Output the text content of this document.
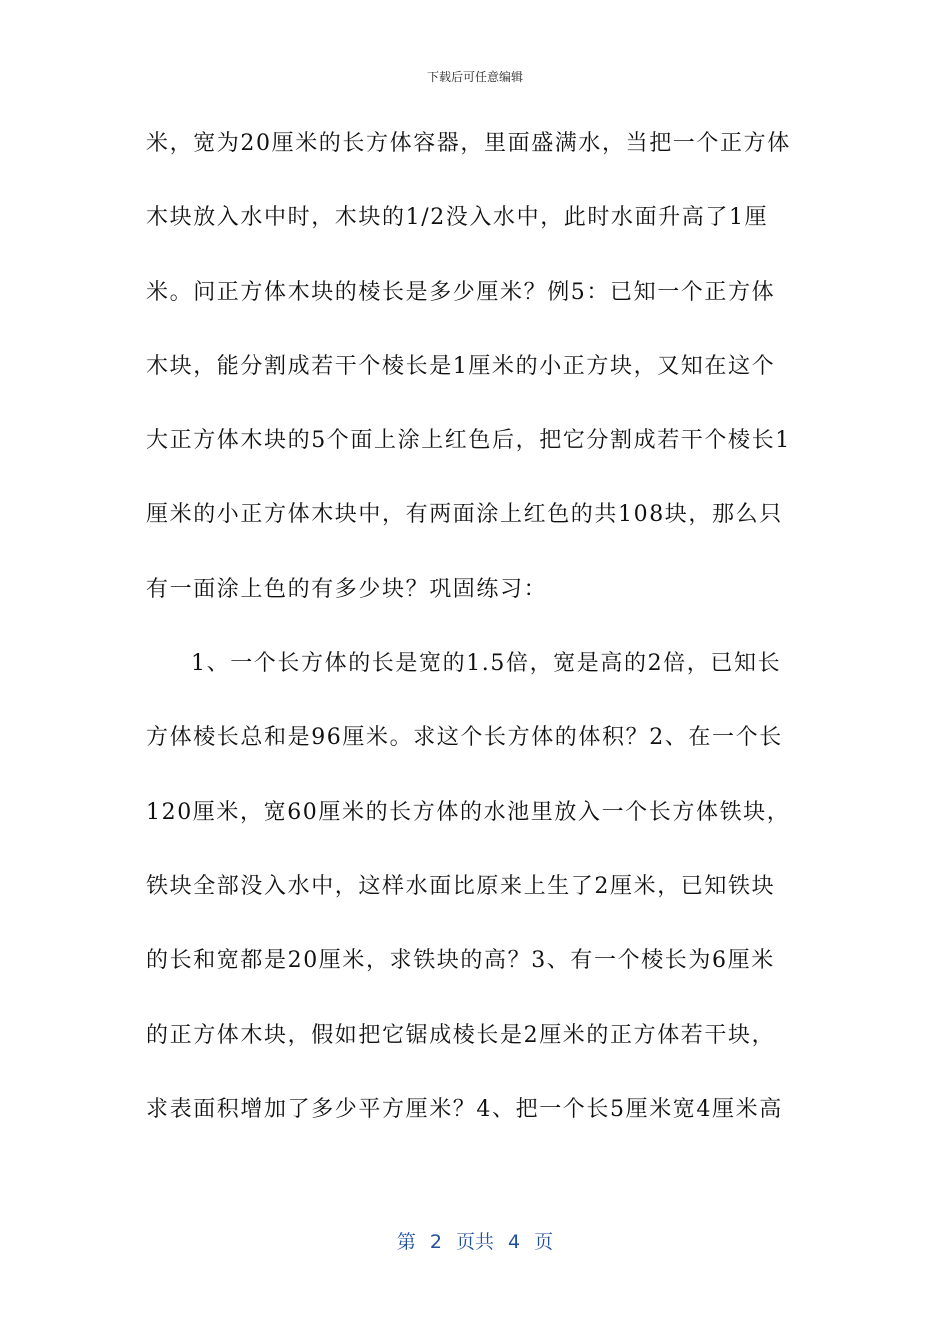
下载后可任意编辑
米，宽为20厘米的长方体容器，里面盛满水，当把一个正方体
木块放入水中时，木块的1/2没入水中，此时水面升高了1厘
米。问正方体木块的棱长是多少厘米？例5：已知一个正方体
木块，能分割成若干个棱长是1厘米的小正方块，又知在这个
大正方体木块的5个面上涂上红色后，把它分割成若干个棱长1
厘米的小正方体木块中，有两面涂上红色的共108块，那么只
有一面涂上色的有多少块？巩固练习：
1、一个长方体的长是宽的1.5倍，宽是高的2倍，已知长
方体棱长总和是96厘米。求这个长方体的体积？2、在一个长
120厘米，宽60厘米的长方体的水池里放入一个长方体铁块，
铁块全部没入水中，这样水面比原来上生了2厘米，已知铁块
的长和宽都是20厘米，求铁块的高？3、有一个棱长为6厘米
的正方体木块，假如把它锯成棱长是2厘米的正方体若干块，
求表面积增加了多少平方厘米？4、把一个长5厘米宽4厘米高
第 2 页共 4 页
